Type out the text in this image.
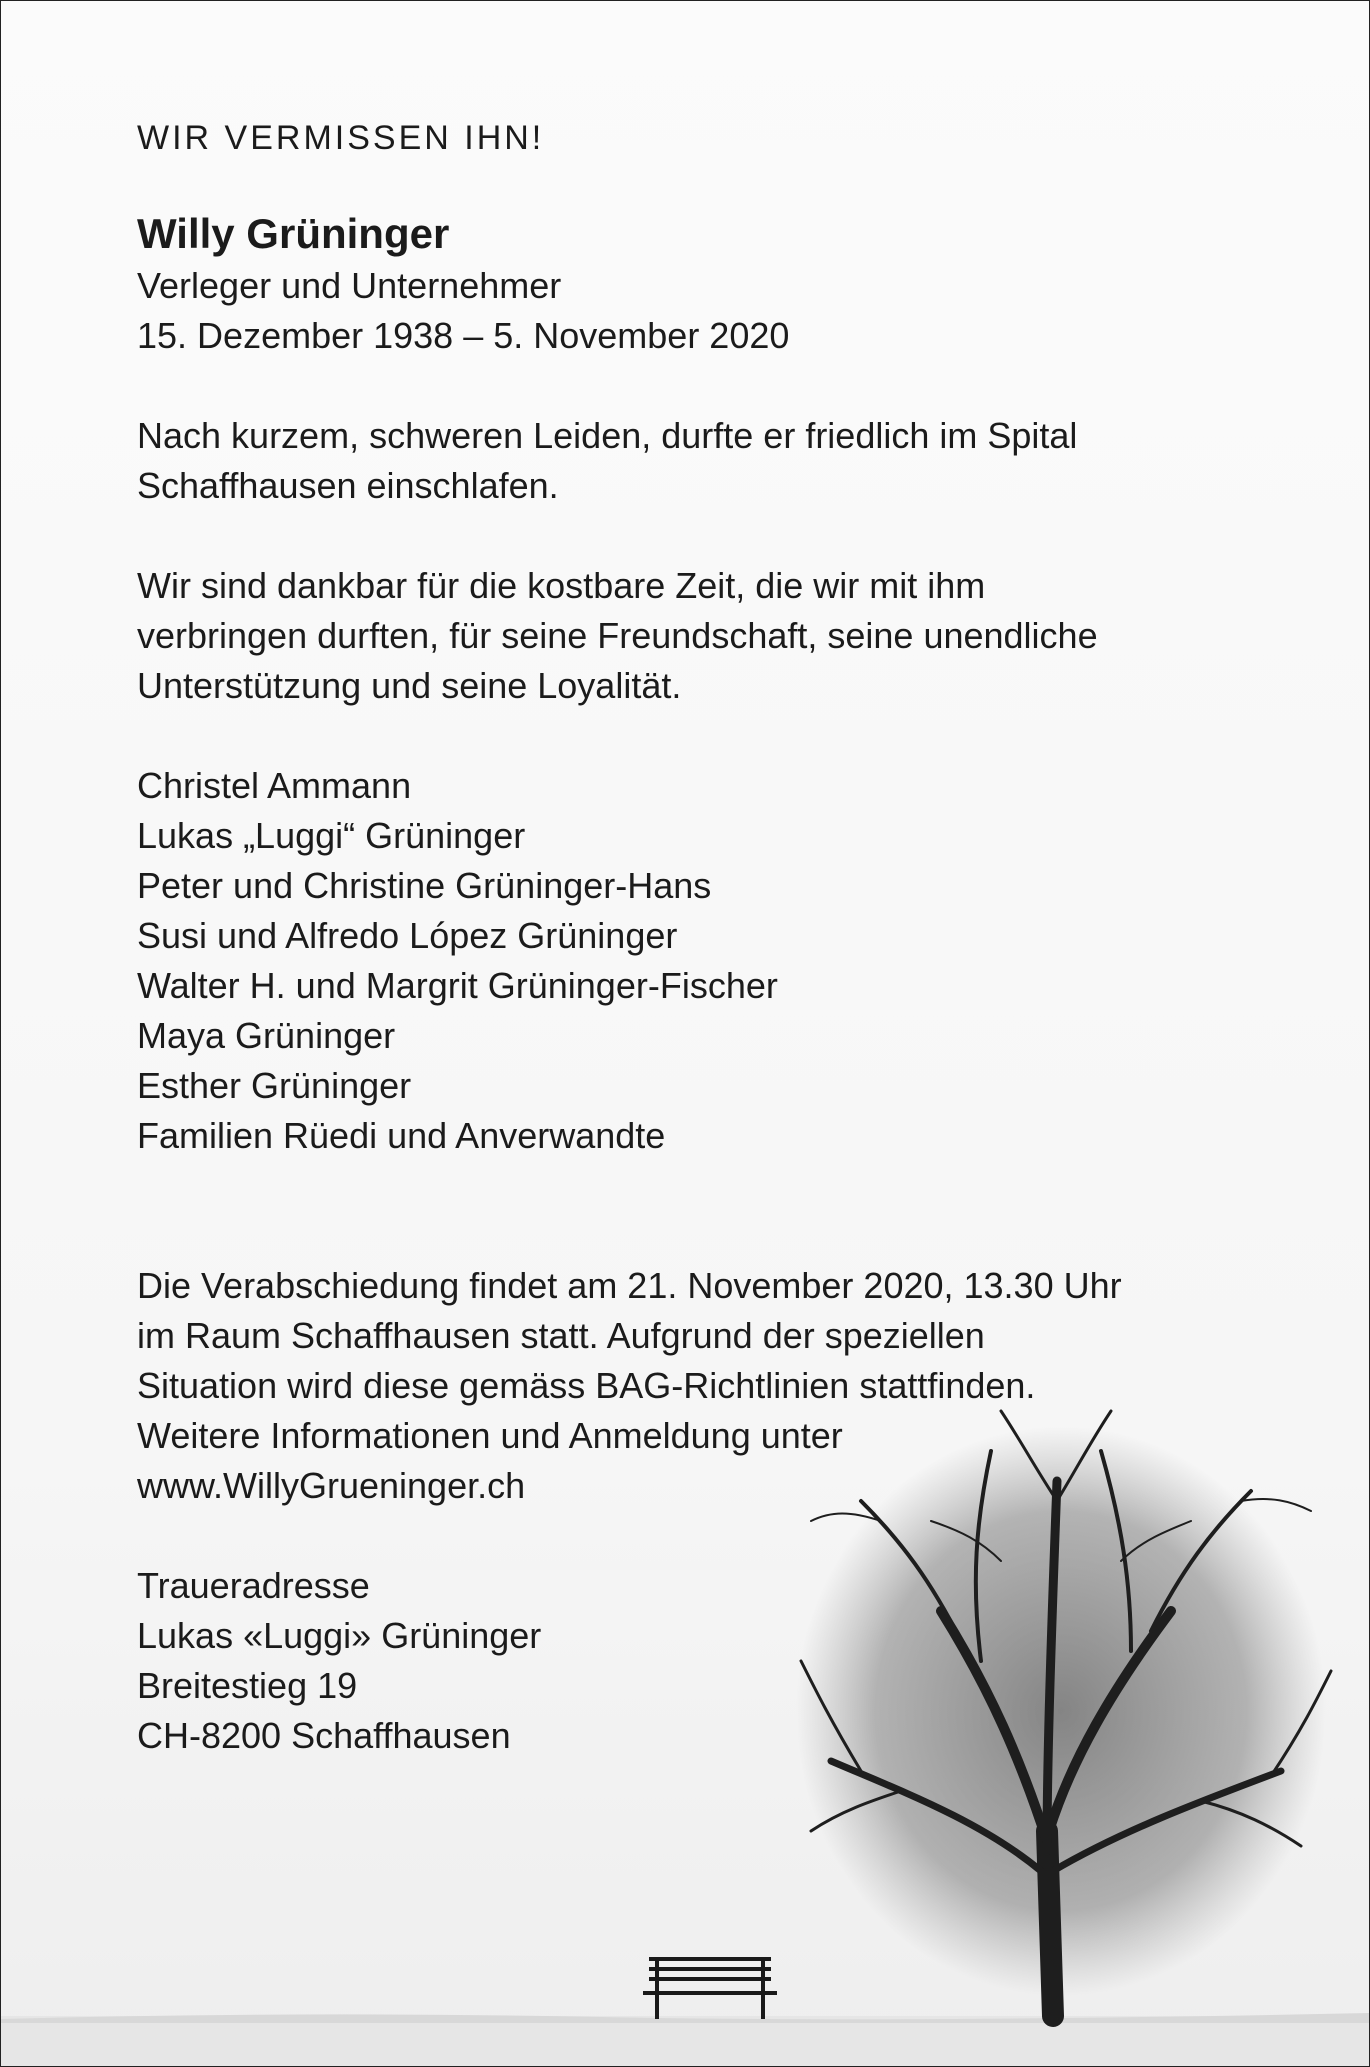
WIR VERMISSEN IHN!
Willy Grüninger
Verleger und Unternehmer
15. Dezember 1938 – 5. November 2020
Nach kurzem, schweren Leiden, durfte er friedlich im Spital
Schaffhausen einschlafen.
Wir sind dankbar für die kostbare Zeit, die wir mit ihm
verbringen durften, für seine Freundschaft, seine unendliche
Unterstützung und seine Loyalität.
Christel Ammann
Lukas „Luggi“ Grüninger
Peter und Christine Grüninger-Hans
Susi und Alfredo López Grüninger
Walter H. und Margrit Grüninger-Fischer
Maya Grüninger
Esther Grüninger
Familien Rüedi und Anverwandte
Die Verabschiedung findet am 21. November 2020, 13.30 Uhr
im Raum Schaffhausen statt. Aufgrund der speziellen
Situation wird diese gemäss BAG-Richtlinien stattfinden.
Weitere Informationen und Anmeldung unter
www.WillyGrueninger.ch
Traueradresse
Lukas «Luggi» Grüninger
Breitestieg 19
CH-8200 Schaffhausen
